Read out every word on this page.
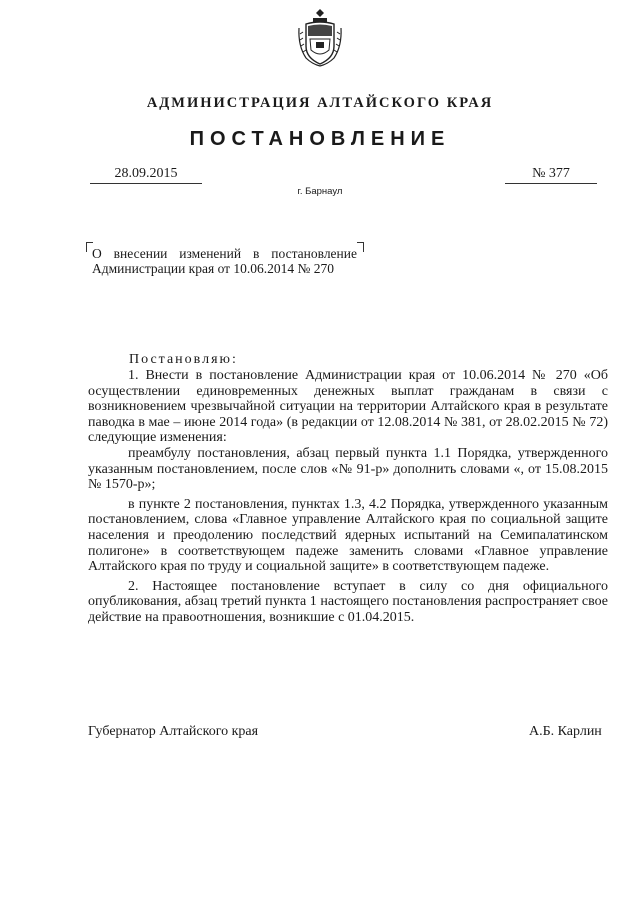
АДМИНИСТРАЦИЯ АЛТАЙСКОГО КРАЯ
ПОСТАНОВЛЕНИЕ
28.09.2015	№ 377
г. Барнаул
О внесении изменений в постановление Администрации края от 10.06.2014 № 270
Постановляю:

1. Внести в постановление Администрации края от 10.06.2014 № 270 «Об осуществлении единовременных денежных выплат гражданам в связи с возникновением чрезвычайной ситуации на территории Алтайского края в результате паводка в мае – июне 2014 года» (в редакции от 12.08.2014 № 381, от 28.02.2015 № 72) следующие изменения:

преамбулу постановления, абзац первый пункта 1.1 Порядка, утвержденного указанным постановлением, после слов «№ 91-р» дополнить словами «, от 15.08.2015 № 1570-р»;

в пункте 2 постановления, пунктах 1.3, 4.2 Порядка, утвержденного указанным постановлением, слова «Главное управление Алтайского края по социальной защите населения и преодолению последствий ядерных испытаний на Семипалатинском полигоне» в соответствующем падеже заменить словами «Главное управление Алтайского края по труду и социальной защите» в соответствующем падеже.

2. Настоящее постановление вступает в силу со дня официального опубликования, абзац третий пункта 1 настоящего постановления распространяет свое действие на правоотношения, возникшие с 01.04.2015.

Губернатор Алтайского края	А.Б. Карлин
